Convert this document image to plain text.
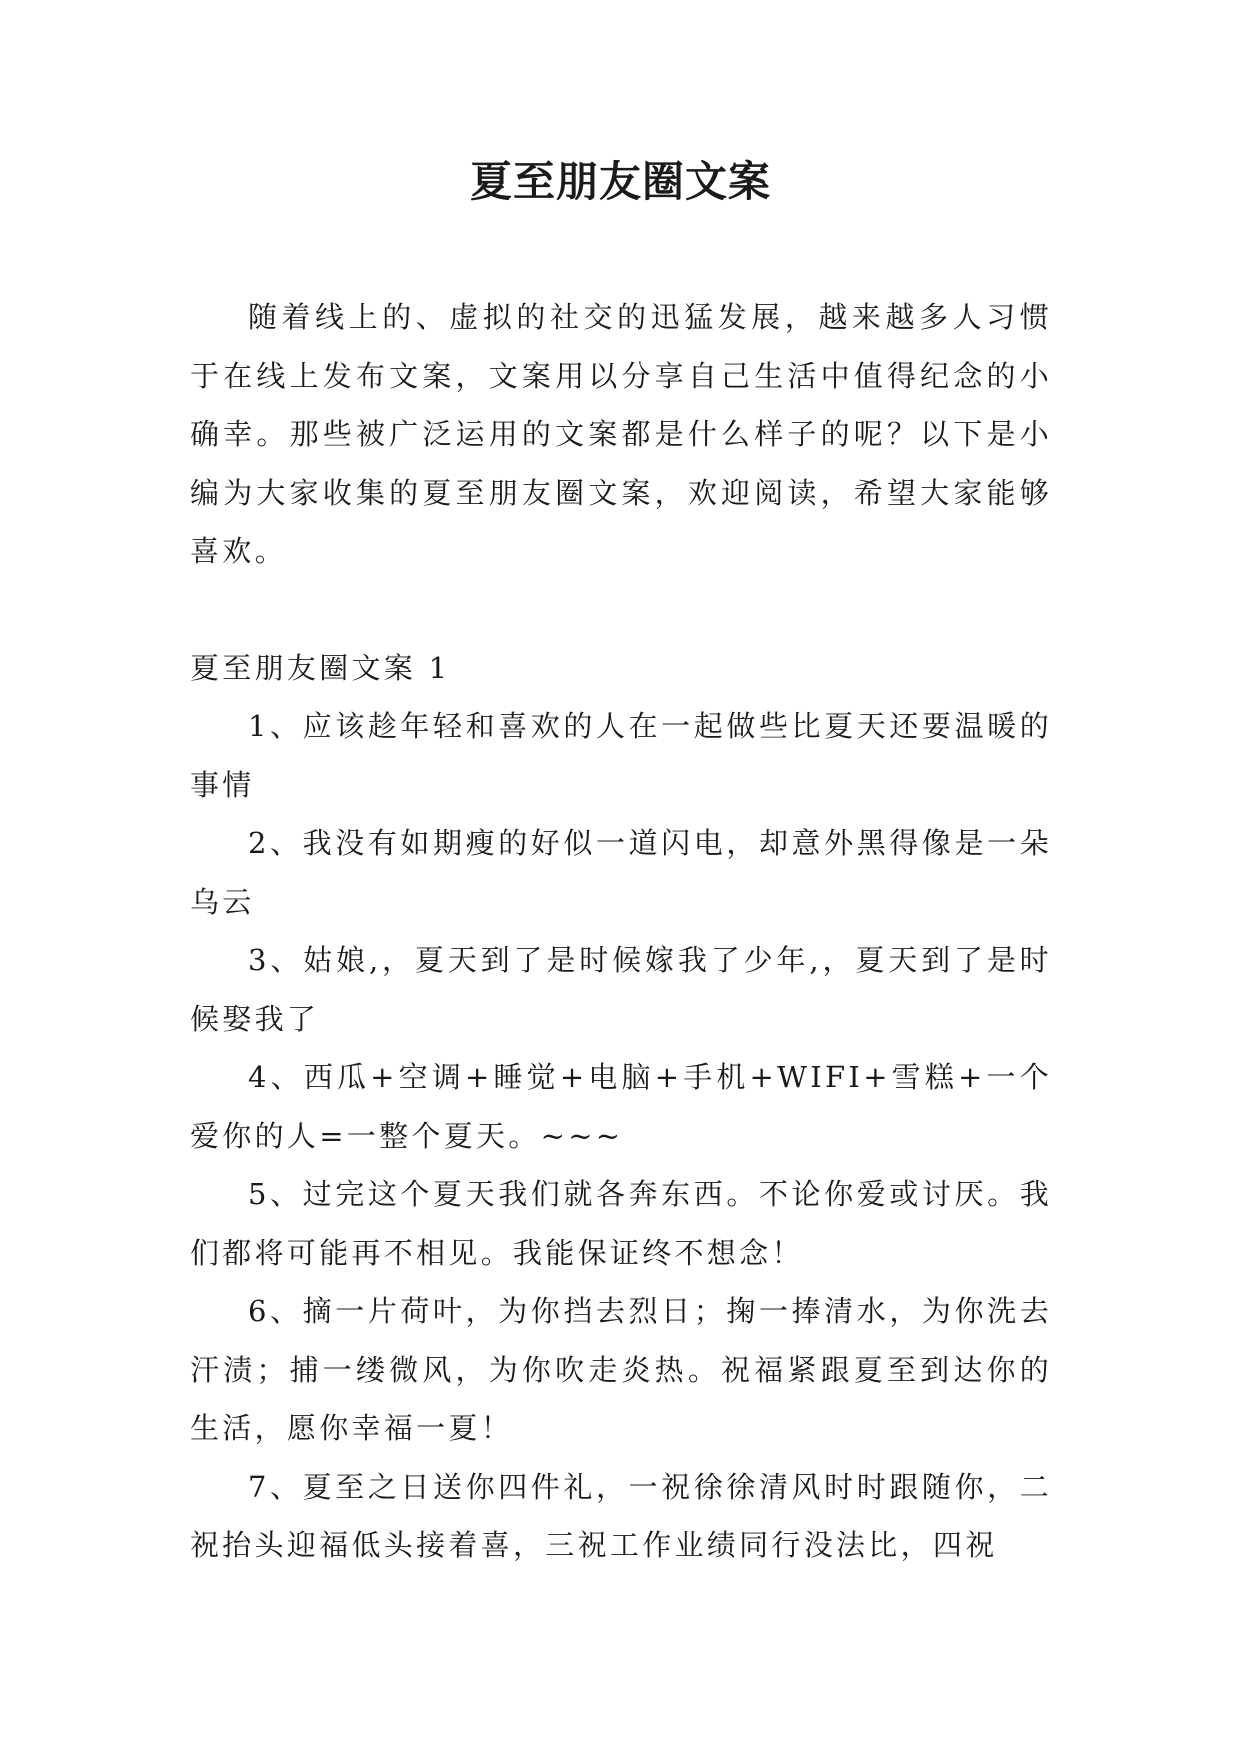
夏至朋友圈文案

随着线上的、虚拟的社交的迅猛发展，越来越多人习惯于在线上发布文案，文案用以分享自己生活中值得纪念的小确幸。那些被广泛运用的文案都是什么样子的呢？以下是小编为大家收集的夏至朋友圈文案，欢迎阅读，希望大家能够喜欢。

夏至朋友圈文案 1

1、应该趁年轻和喜欢的人在一起做些比夏天还要温暖的事情

2、我没有如期瘦的好似一道闪电，却意外黑得像是一朵乌云

3、姑娘,，夏天到了是时候嫁我了少年,，夏天到了是时候娶我了

4、西瓜+空调+睡觉+电脑+手机+WIFI+雪糕+一个爱你的人=一整个夏天。~~~

5、过完这个夏天我们就各奔东西。不论你爱或讨厌。我们都将可能再不相见。我能保证终不想念！

6、摘一片荷叶，为你挡去烈日；掬一捧清水，为你洗去汗渍；捕一缕微风，为你吹走炎热。祝福紧跟夏至到达你的生活，愿你幸福一夏！

7、夏至之日送你四件礼，一祝徐徐清风时时跟随你，二祝抬头迎福低头接着喜，三祝工作业绩同行没法比，四祝
